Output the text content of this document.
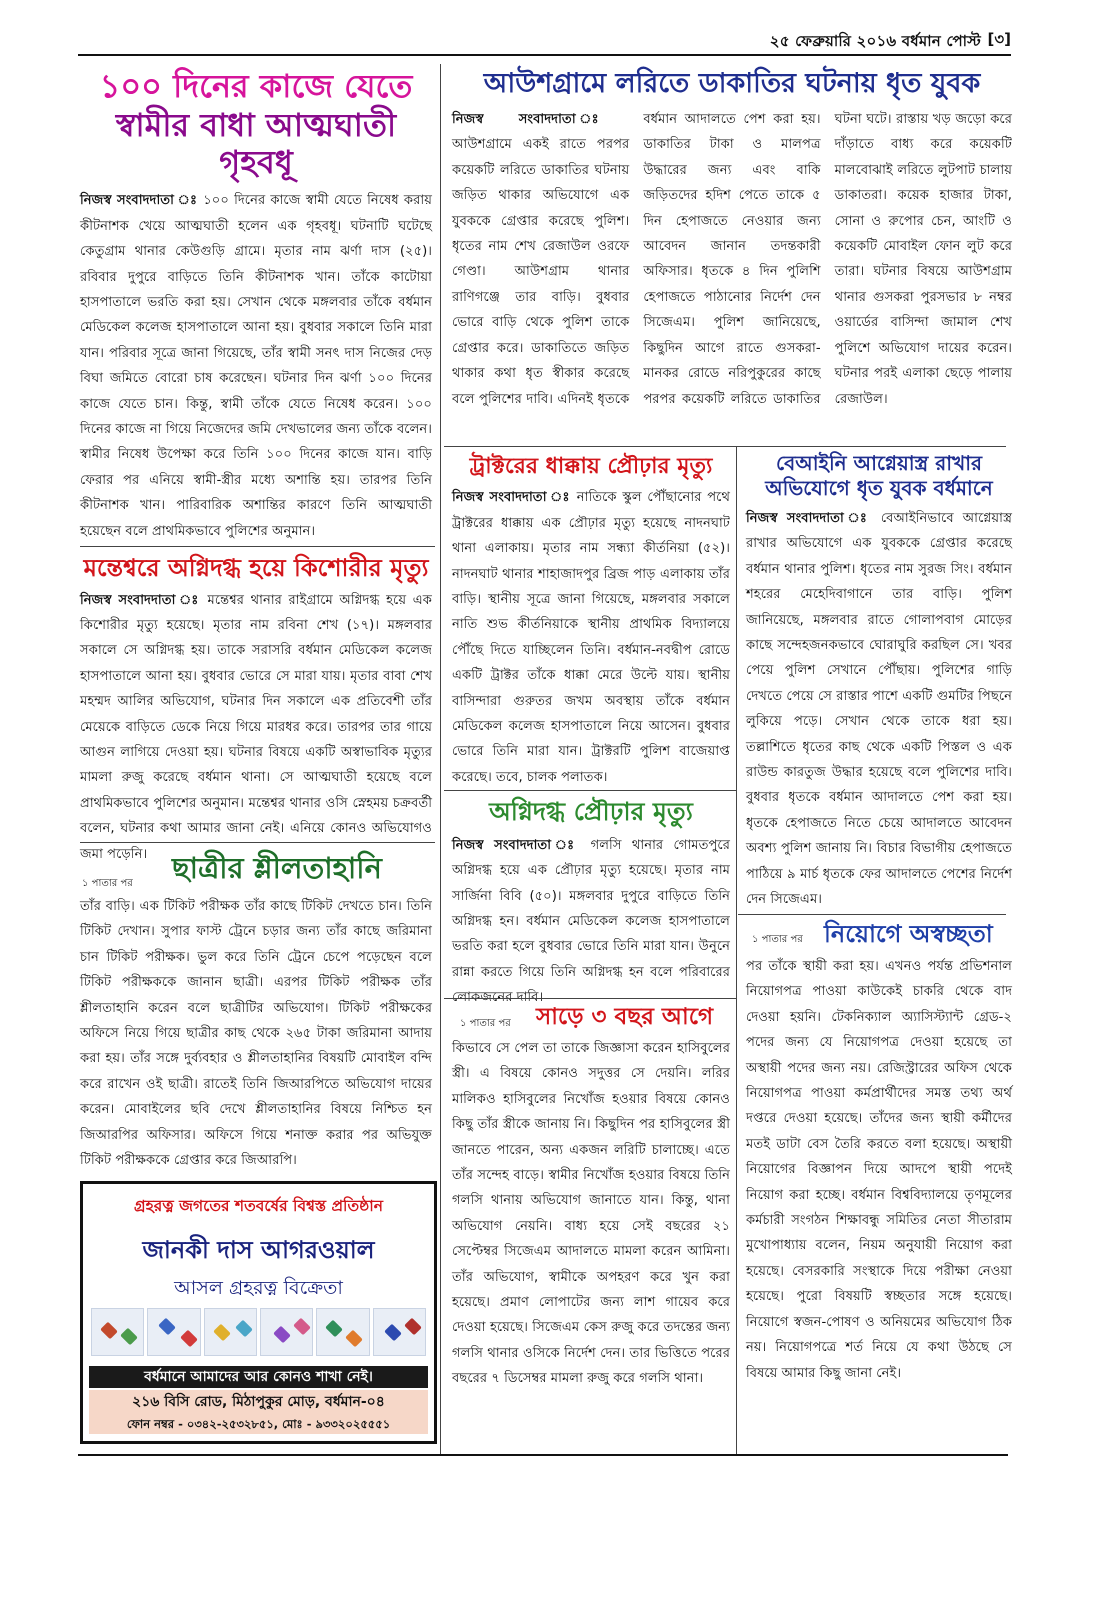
২৫ ফেব্রুয়ারি ২০১৬ বর্ধমান পোস্ট [৩]
১০০ দিনের কাজে যেতে
স্বামীর বাধা আত্মঘাতী গৃহবধূ
নিজস্ব সংবাদদাতা ঃ ১০০ দিনের কাজে স্বামী যেতে নিষেধ করায় কীটনাশক খেয়ে আত্মঘাতী হলেন এক গৃহবধূ। ঘটনাটি ঘটেছে কেতুগ্রাম থানার কেউগুড়ি গ্রামে। মৃতার নাম ঝর্ণা দাস (২৫)। রবিবার দুপুরে বাড়িতে তিনি কীটনাশক খান। তাঁকে কাটোয়া হাসপাতালে ভরতি করা হয়। সেখান থেকে মঙ্গলবার তাঁকে বর্ধমান মেডিকেল কলেজ হাসপাতালে আনা হয়। বুধবার সকালে তিনি মারা যান। পরিবার সূত্রে জানা গিয়েছে, তাঁর স্বামী সনৎ দাস নিজের দেড় বিঘা জমিতে বোরো চাষ করেছেন। ঘটনার দিন ঝর্ণা ১০০ দিনের কাজে যেতে চান। কিন্তু, স্বামী তাঁকে যেতে নিষেধ করেন। ১০০ দিনের কাজে না গিয়ে নিজেদের জমি দেখভালের জন্য তাঁকে বলেন। স্বামীর নিষেধ উপেক্ষা করে তিনি ১০০ দিনের কাজে যান। বাড়ি ফেরার পর এনিয়ে স্বামী-স্ত্রীর মধ্যে অশান্তি হয়। তারপর তিনি কীটনাশক খান। পারিবারিক অশান্তির কারণে তিনি আত্মঘাতী হয়েছেন বলে প্রাথমিকভাবে পুলিশের অনুমান।
মন্তেশ্বরে অগ্নিদগ্ধ হয়ে কিশোরীর মৃত্যু
নিজস্ব সংবাদদাতা ঃ মন্তেশ্বর থানার রাইগ্রামে অগ্নিদগ্ধ হয়ে এক কিশোরীর মৃত্যু হয়েছে। মৃতার নাম রবিনা শেখ (১৭)। মঙ্গলবার সকালে সে অগ্নিদগ্ধ হয়। তাকে সরাসরি বর্ধমান মেডিকেল কলেজ হাসপাতালে আনা হয়। বুধবার ভোরে সে মারা যায়। মৃতার বাবা শেখ মহম্মদ আলির অভিযোগ, ঘটনার দিন সকালে এক প্রতিবেশী তাঁর মেয়েকে বাড়িতে ডেকে নিয়ে গিয়ে মারধর করে। তারপর তার গায়ে আগুন লাগিয়ে দেওয়া হয়। ঘটনার বিষয়ে একটি অস্বাভাবিক মৃত্যুর মামলা রুজু করেছে বর্ধমান থানা। সে আত্মঘাতী হয়েছে বলে প্রাথমিকভাবে পুলিশের অনুমান। মন্তেশ্বর থানার ওসি স্নেহময় চক্রবর্তী বলেন, ঘটনার কথা আমার জানা নেই। এনিয়ে কোনও অভিযোগও জমা পড়েনি।
১ পাতার পর ছাত্রীর শ্লীলতাহানি
তাঁর বাড়ি। এক টিকিট পরীক্ষক তাঁর কাছে টিকিট দেখতে চান। তিনি টিকিট দেখান। সুপার ফাস্ট ট্রেনে চড়ার জন্য তাঁর কাছে জরিমানা চান টিকিট পরীক্ষক। ভুল করে তিনি ট্রেনে চেপে পড়েছেন বলে টিকিট পরীক্ষককে জানান ছাত্রী। এরপর টিকিট পরীক্ষক তাঁর শ্লীলতাহানি করেন বলে ছাত্রীটির অভিযোগ। টিকিট পরীক্ষকের অফিসে নিয়ে গিয়ে ছাত্রীর কাছ থেকে ২৬৫ টাকা জরিমানা আদায় করা হয়। তাঁর সঙ্গে দুর্ব্যবহার ও শ্লীলতাহানির বিষয়টি মোবাইল বন্দি করে রাখেন ওই ছাত্রী। রাতেই তিনি জিআরপিতে অভিযোগ দায়ের করেন। মোবাইলের ছবি দেখে শ্লীলতাহানির বিষয়ে নিশ্চিত হন জিআরপির অফিসার। অফিসে গিয়ে শনাক্ত করার পর অভিযুক্ত টিকিট পরীক্ষককে গ্রেপ্তার করে জিআরপি।
গ্রহরত্ন জগতের শতবর্ষের বিশ্বস্ত প্রতিষ্ঠান
জানকী দাস আগরওয়াল
আসল গ্রহরত্ন বিক্রেতা
বর্ধমানে আমাদের আর কোনও শাখা নেই।
২১৬ বিসি রোড, মিঠাপুকুর মোড়, বর্ধমান-০৪
ফোন নম্বর - ০৩৪২-২৫৩২৮৫১, মোঃ - ৯৩৩২০২৫৫৫১
আউশগ্রামে লরিতে ডাকাতির ঘটনায় ধৃত যুবক
নিজস্ব সংবাদদাতা ঃ আউশগ্রামে একই রাতে পরপর কয়েকটি লরিতে ডাকাতির ঘটনায় জড়িত থাকার অভিযোগে এক যুবককে গ্রেপ্তার করেছে পুলিশ। ধৃতের নাম শেখ রেজাউল ওরফে গেণ্ডা। আউশগ্রাম থানার রাণিগঞ্জে তার বাড়ি। বুধবার ভোরে বাড়ি থেকে পুলিশ তাকে গ্রেপ্তার করে। ডাকাতিতে জড়িত থাকার কথা ধৃত স্বীকার করেছে বলে পুলিশের দাবি। এদিনই ধৃতকে বর্ধমান আদালতে পেশ করা হয়। ডাকাতির টাকা ও মালপত্র উদ্ধারের জন্য এবং বাকি জড়িতদের হদিশ পেতে তাকে ৫ দিন হেপাজতে নেওয়ার জন্য আবেদন জানান তদন্তকারী অফিসার। ধৃতকে ৪ দিন পুলিশি হেপাজতে পাঠানোর নির্দেশ দেন সিজেএম। পুলিশ জানিয়েছে, কিছুদিন আগে রাতে গুসকরা-মানকর রোডে নরিপুকুরের কাছে পরপর কয়েকটি লরিতে ডাকাতির ঘটনা ঘটে। রাস্তায় খড় জড়ো করে দাঁড়াতে বাধ্য করে কয়েকটি মালবোঝাই লরিতে লুটপাট চালায় ডাকাতরা। কয়েক হাজার টাকা, সোনা ও রুপোর চেন, আংটি ও কয়েকটি মোবাইল ফোন লুট করে তারা। ঘটনার বিষয়ে আউশগ্রাম থানার গুসকরা পুরসভার ৮ নম্বর ওয়ার্ডের বাসিন্দা জামাল শেখ পুলিশে অভিযোগ দায়ের করেন। ঘটনার পরই এলাকা ছেড়ে পালায় রেজাউল।
ট্রাক্টরের ধাক্কায় প্রৌঢ়ার মৃত্যু
নিজস্ব সংবাদদাতা ঃ নাতিকে স্কুল পৌঁছানোর পথে ট্রাক্টরের ধাক্কায় এক প্রৌঢ়ার মৃত্যু হয়েছে নাদনঘাট থানা এলাকায়। মৃতার নাম সন্ধ্যা কীর্তনিয়া (৫২)। নাদনঘাট থানার শাহাজাদপুর ব্রিজ পাড় এলাকায় তাঁর বাড়ি। স্থানীয় সূত্রে জানা গিয়েছে, মঙ্গলবার সকালে নাতি শুভ কীর্তনিয়াকে স্থানীয় প্রাথমিক বিদ্যালয়ে পৌঁছে দিতে যাচ্ছিলেন তিনি। বর্ধমান-নবদ্বীপ রোডে একটি ট্রাক্টর তাঁকে ধাক্কা মেরে উল্টে যায়। স্থানীয় বাসিন্দারা গুরুতর জখম অবস্থায় তাঁকে বর্ধমান মেডিকেল কলেজ হাসপাতালে নিয়ে আসেন। বুধবার ভোরে তিনি মারা যান। ট্রাক্টরটি পুলিশ বাজেয়াপ্ত করেছে। তবে, চালক পলাতক।
অগ্নিদগ্ধ প্রৌঢ়ার মৃত্যু
নিজস্ব সংবাদদাতা ঃ গলসি থানার গোমতপুরে অগ্নিদগ্ধ হয়ে এক প্রৌঢ়ার মৃত্যু হয়েছে। মৃতার নাম সার্জিনা বিবি (৫০)। মঙ্গলবার দুপুরে বাড়িতে তিনি অগ্নিদগ্ধ হন। বর্ধমান মেডিকেল কলেজ হাসপাতালে ভরতি করা হলে বুধবার ভোরে তিনি মারা যান। উনুনে রান্না করতে গিয়ে তিনি অগ্নিদগ্ধ হন বলে পরিবারের লোকজনের দাবি।
১ পাতার পর সাড়ে ৩ বছর আগে
কিভাবে সে পেল তা তাকে জিজ্ঞাসা করেন হাসিবুলের স্ত্রী। এ বিষয়ে কোনও সদুত্তর সে দেয়নি। লরির মালিকও হাসিবুলের নিখোঁজ হওয়ার বিষয়ে কোনও কিছু তাঁর স্ত্রীকে জানায় নি। কিছুদিন পর হাসিবুলের স্ত্রী জানতে পারেন, অন্য একজন লরিটি চালাচ্ছে। এতে তাঁর সন্দেহ বাড়ে। স্বামীর নিখোঁজ হওয়ার বিষয়ে তিনি গলসি থানায় অভিযোগ জানাতে যান। কিন্তু, থানা অভিযোগ নেয়নি। বাধ্য হয়ে সেই বছরের ২১ সেপ্টেম্বর সিজেএম আদালতে মামলা করেন আমিনা। তাঁর অভিযোগ, স্বামীকে অপহরণ করে খুন করা হয়েছে। প্রমাণ লোপাটের জন্য লাশ গায়েব করে দেওয়া হয়েছে। সিজেএম কেস রুজু করে তদন্তের জন্য গলসি থানার ওসিকে নির্দেশ দেন। তার ভিত্তিতে পরের বছরের ৭ ডিসেম্বর মামলা রুজু করে গলসি থানা।
বেআইনি আগ্নেয়াস্ত্র রাখার
অভিযোগে ধৃত যুবক বর্ধমানে
নিজস্ব সংবাদদাতা ঃ বেআইনিভাবে আগ্নেয়াস্ত্র রাখার অভিযোগে এক যুবককে গ্রেপ্তার করেছে বর্ধমান থানার পুলিশ। ধৃতের নাম সুরজ সিং। বর্ধমান শহরের মেহেদিবাগানে তার বাড়ি। পুলিশ জানিয়েছে, মঙ্গলবার রাতে গোলাপবাগ মোড়ের কাছে সন্দেহজনকভাবে ঘোরাঘুরি করছিল সে। খবর পেয়ে পুলিশ সেখানে পৌঁছায়। পুলিশের গাড়ি দেখতে পেয়ে সে রাস্তার পাশে একটি গুমটির পিছনে লুকিয়ে পড়ে। সেখান থেকে তাকে ধরা হয়। তল্লাশিতে ধৃতের কাছ থেকে একটি পিস্তল ও এক রাউন্ড কারতুজ উদ্ধার হয়েছে বলে পুলিশের দাবি। বুধবার ধৃতকে বর্ধমান আদালতে পেশ করা হয়। ধৃতকে হেপাজতে নিতে চেয়ে আদালতে আবেদন অবশ্য পুলিশ জানায় নি। বিচার বিভাগীয় হেপাজতে পাঠিয়ে ৯ মার্চ ধৃতকে ফের আদালতে পেশের নির্দেশ দেন সিজেএম।
১ পাতার পর নিয়োগে অস্বচ্ছতা
পর তাঁকে স্থায়ী করা হয়। এখনও পর্যন্ত প্রভিশনাল নিয়োগপত্র পাওয়া কাউকেই চাকরি থেকে বাদ দেওয়া হয়নি। টেকনিক্যাল অ্যাসিস্ট্যান্ট গ্রেড-২ পদের জন্য যে নিয়োগপত্র দেওয়া হয়েছে তা অস্থায়ী পদের জন্য নয়। রেজিস্ট্রারের অফিস থেকে নিয়োগপত্র পাওয়া কর্মপ্রার্থীদের সমস্ত তথ্য অর্থ দপ্তরে দেওয়া হয়েছে। তাঁদের জন্য স্থায়ী কর্মীদের মতই ডাটা বেস তৈরি করতে বলা হয়েছে। অস্থায়ী নিয়োগের বিজ্ঞাপন দিয়ে আদপে স্থায়ী পদেই নিয়োগ করা হচ্ছে। বর্ধমান বিশ্ববিদ্যালয়ে তৃণমূলের কর্মচারী সংগঠন শিক্ষাবন্ধু সমিতির নেতা সীতারাম মুখোপাধ্যায় বলেন, নিয়ম অনুযায়ী নিয়োগ করা হয়েছে। বেসরকারি সংস্থাকে দিয়ে পরীক্ষা নেওয়া হয়েছে। পুরো বিষয়টি স্বচ্ছতার সঙ্গে হয়েছে। নিয়োগে স্বজন-পোষণ ও অনিয়মের অভিযোগ ঠিক নয়। নিয়োগপত্রে শর্ত নিয়ে যে কথা উঠছে সে বিষয়ে আমার কিছু জানা নেই।
